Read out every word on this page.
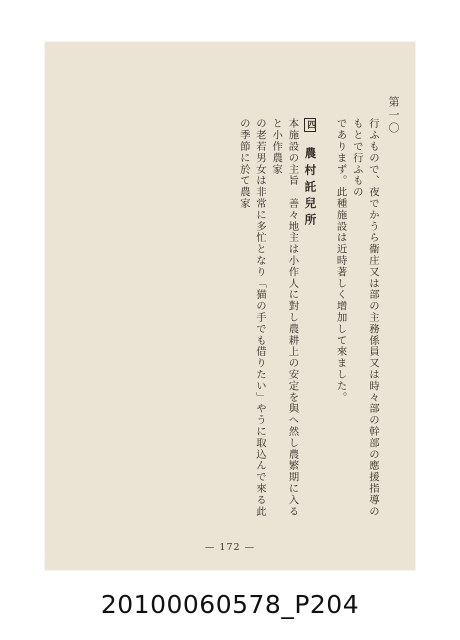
第一〇

行ふもので、夜でかうら衞庄又は部の主務係員又は時々部の幹部の應援指導のもとで行ふもの

でありまず。此種施設は近時著しく增加して來ました。

四 農村託兒所

本施設の主旨　善々地主は小作人に對し農耕上の安定を與へ然し農繁期に入ると小作農家

の老若男女は非常に多忙となり「猫の手でも借りたい」やうに取込んで來る此の季節に於て農家

— 172 —
20100060578_P204
